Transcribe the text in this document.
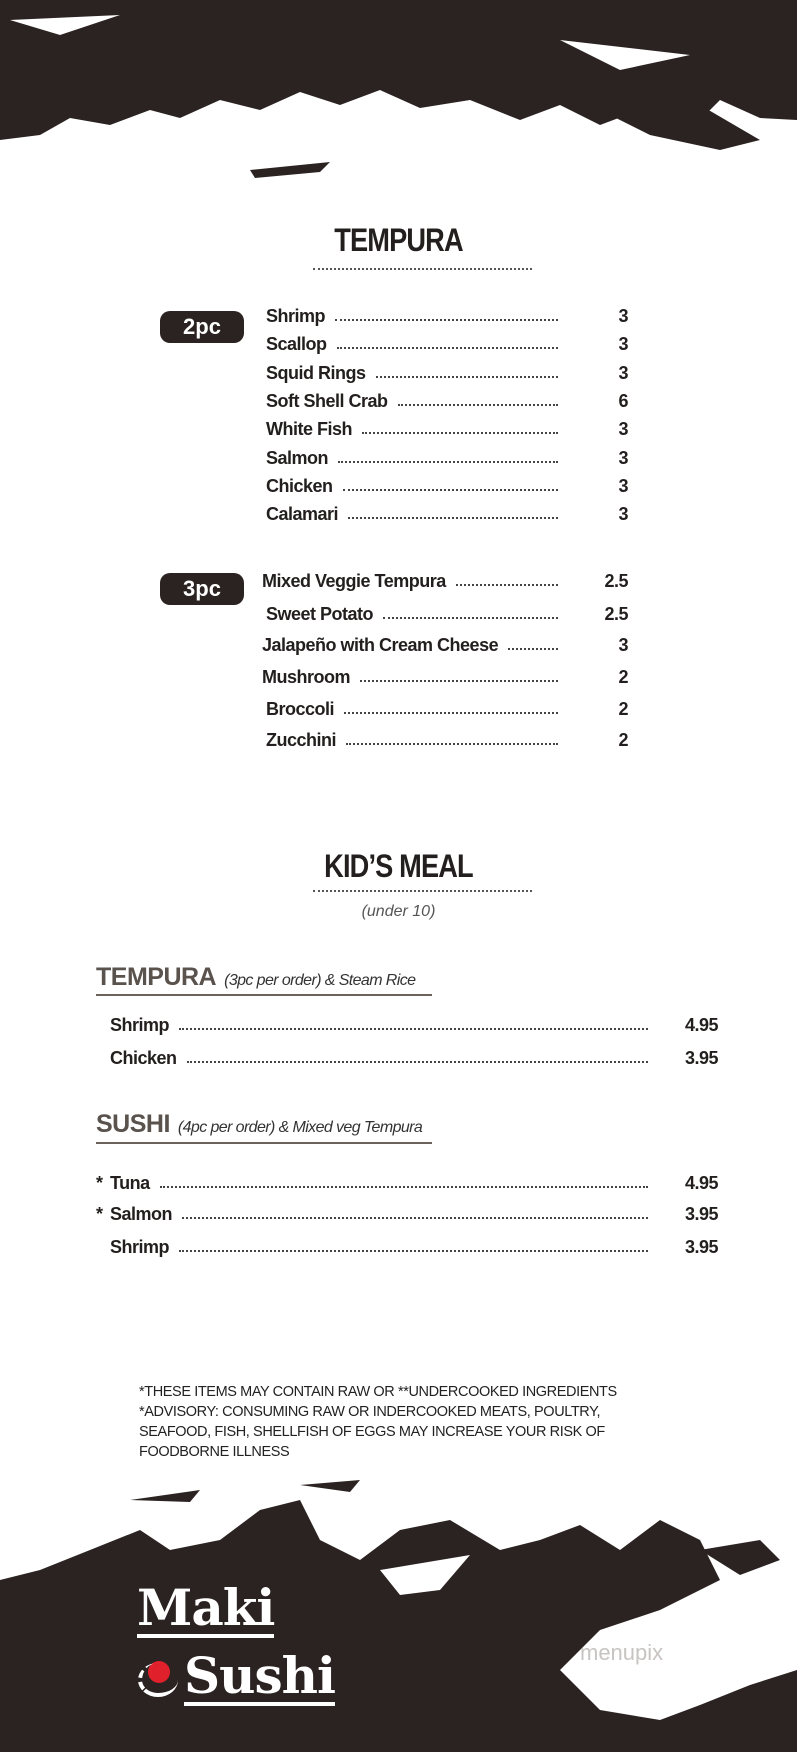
TEMPURA
2pc	Shrimp	3
Scallop	3
Squid Rings	3
Soft Shell Crab	6
White Fish	3
Salmon	3
Chicken	3
Calamari	3
3pc	Mixed Veggie Tempura	2.5
Sweet Potato	2.5
Jalapeño with Cream Cheese	3
Mushroom	2
Broccoli	2
Zucchini	2
KID’S MEAL
(under 10)
TEMPURA (3pc per order) & Steam Rice
Shrimp	4.95
Chicken	3.95
SUSHI (4pc per order) & Mixed veg Tempura
* Tuna	4.95
* Salmon	3.95
Shrimp	3.95
*THESE ITEMS MAY CONTAIN RAW OR **UNDERCOOKED INGREDIENTS
*ADVISORY: CONSUMING RAW OR INDERCOOKED MEATS, POULTRY,
SEAFOOD, FISH, SHELLFISH OF EGGS MAY INCREASE YOUR RISK OF
FOODBORNE ILLNESS
Maki
Sushi	menupix
